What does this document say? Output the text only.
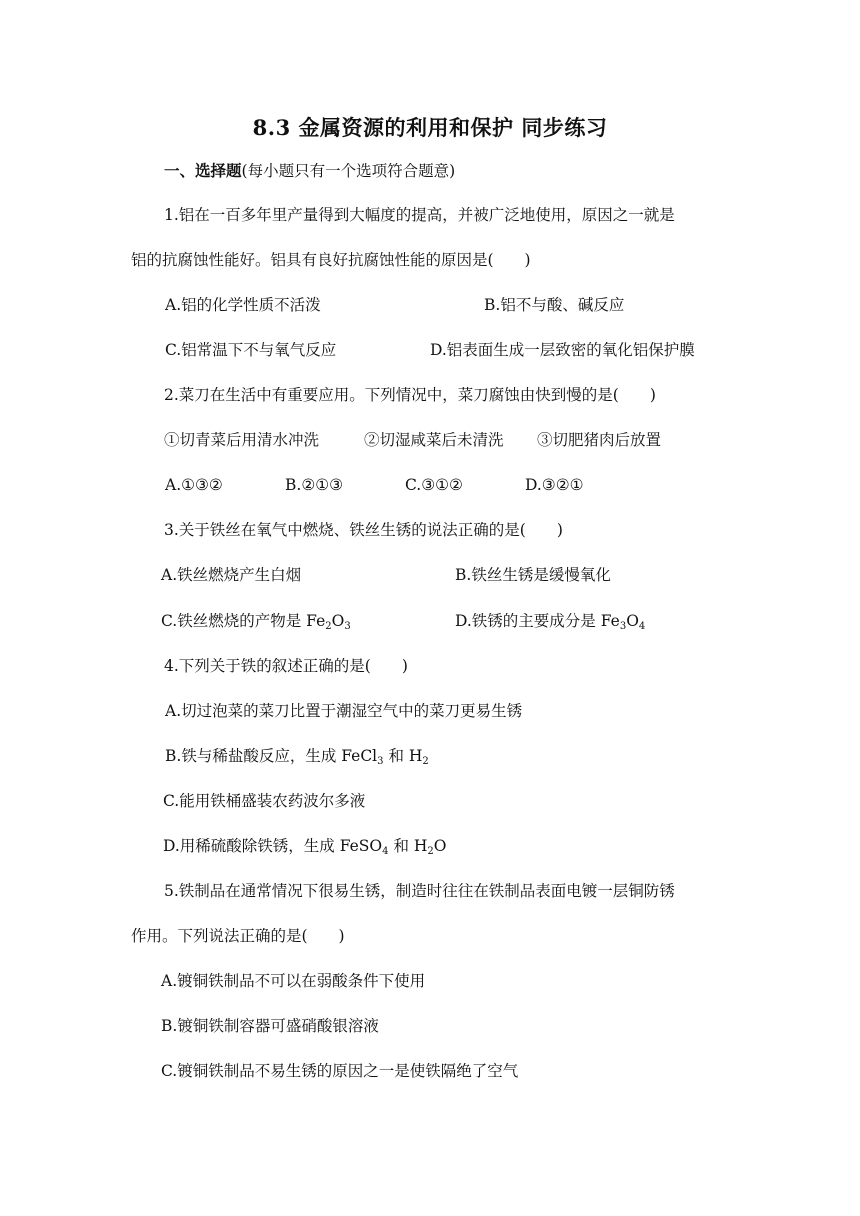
8.3 金属资源的利用和保护 同步练习
一、选择题(每小题只有一个选项符合题意)
1.铝在一百多年里产量得到大幅度的提高，并被广泛地使用，原因之一就是
铝的抗腐蚀性能好。铝具有良好抗腐蚀性能的原因是(　　)
A.铝的化学性质不活泼	B.铝不与酸、碱反应
C.铝常温下不与氧气反应	D.铝表面生成一层致密的氧化铝保护膜
2.菜刀在生活中有重要应用。下列情况中，菜刀腐蚀由快到慢的是(　　)
①切青菜后用清水冲洗	②切湿咸菜后未清洗 ③切肥猪肉后放置
A.①③②	B.②①③	C.③①②	D.③②①
3.关于铁丝在氧气中燃烧、铁丝生锈的说法正确的是(　　)
A.铁丝燃烧产生白烟	B.铁丝生锈是缓慢氧化
C.铁丝燃烧的产物是 $Fe_2O_3$	D.铁锈的主要成分是 $Fe_3O_4$
4.下列关于铁的叙述正确的是(　　)
A.切过泡菜的菜刀比置于潮湿空气中的菜刀更易生锈
B.铁与稀盐酸反应，生成 FeCl$_3$ 和 $H_2$
C.能用铁桶盛装农药波尔多液
D.用稀硫酸除铁锈，生成 FeSO$_4$ 和 $H_2O$
5.铁制品在通常情况下很易生锈，制造时往往在铁制品表面电镀一层铜防锈
作用。下列说法正确的是(　　)
A.镀铜铁制品不可以在弱酸条件下使用
B.镀铜铁制容器可盛硝酸银溶液
C.镀铜铁制品不易生锈的原因之一是使铁隔绝了空气
